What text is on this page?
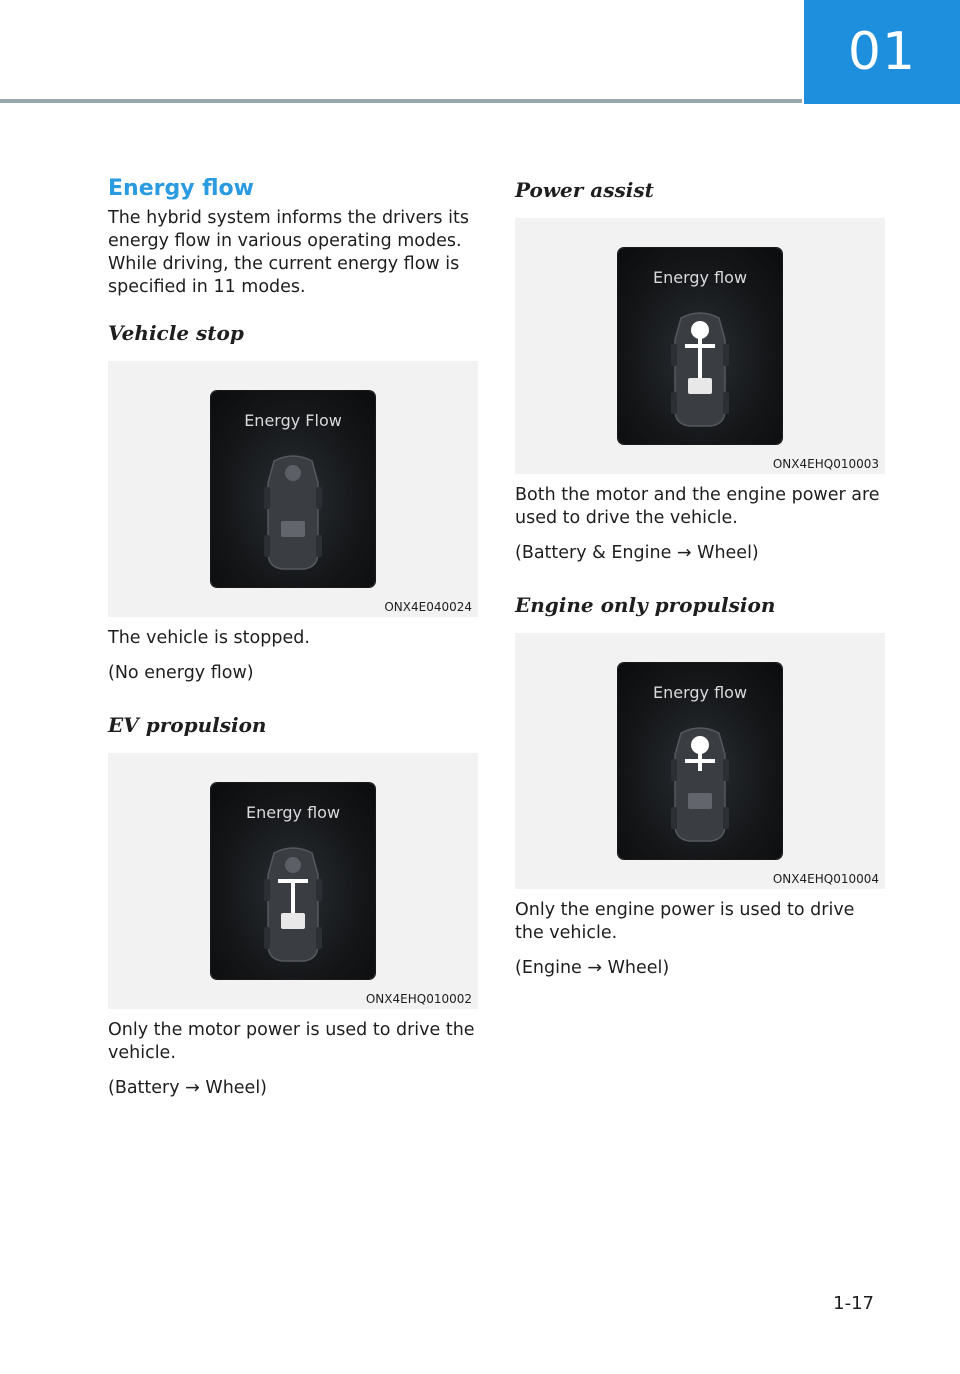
01
Energy flow

The hybrid system informs the drivers its energy flow in various operating modes. While driving, the current energy flow is specified in 11 modes.

Vehicle stop
Energy Flow
ONX4E040024

The vehicle is stopped.

(No energy flow)

EV propulsion
Energy flow
ONX4EHQ010002

Only the motor power is used to drive the vehicle.

(Battery → Wheel)

Power assist
Energy flow
ONX4EHQ010003

Both the motor and the engine power are used to drive the vehicle.

(Battery & Engine → Wheel)

Engine only propulsion
Energy flow
ONX4EHQ010004

Only the engine power is used to drive the vehicle.

(Engine → Wheel)

1-17
